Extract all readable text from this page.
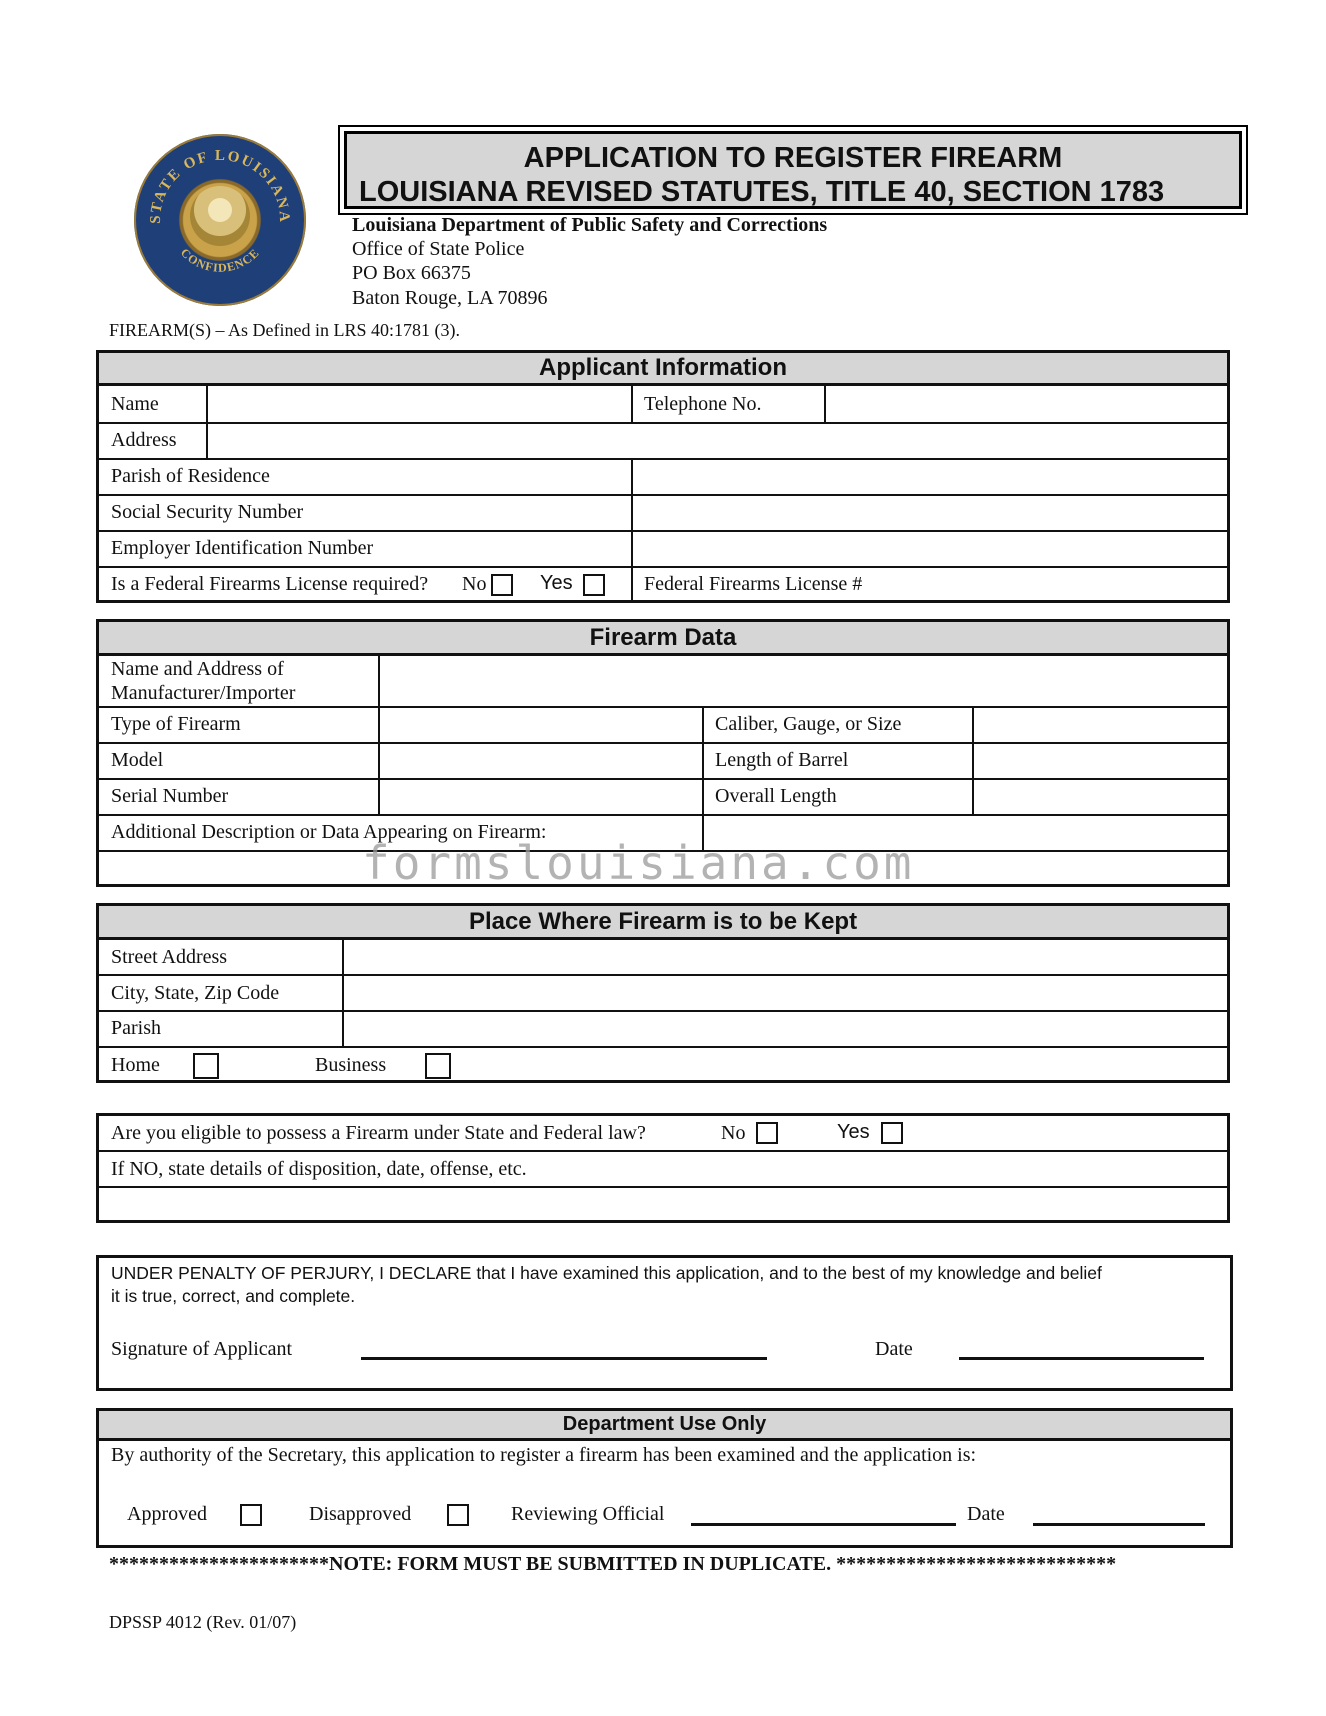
STATE OF LOUISIANA
CONFIDENCE
APPLICATION TO REGISTER FIREARM
LOUISIANA REVISED STATUTES, TITLE 40, SECTION 1783
Louisiana Department of Public Safety and Corrections
Office of State Police
PO Box 66375
Baton Rouge, LA 70896
FIREARM(S) – As Defined in LRS 40:1781 (3).
Applicant Information
Name	Telephone No.
Address
Parish of Residence
Social Security Number
Employer Identification Number
Is a Federal Firearms License required? No	Yes	Federal Firearms License #
Firearm Data
Name and Address of
Manufacturer/Importer
Type of Firearm	Caliber, Gauge, or Size
Model	Length of Barrel
Serial Number	Overall Length
Additional Description or Data Appearing on Firearm:
formslouisiana.com
Place Where Firearm is to be Kept
Street Address
City, State, Zip Code
Parish
Home	Business
Are you eligible to possess a Firearm under State and Federal law?	No	Yes
If NO, state details of disposition, date, offense, etc.
UNDER PENALTY OF PERJURY, I DECLARE that I have examined this application, and to the best of my knowledge and belief
it is true, correct, and complete.
Signature of Applicant	Date
Department Use Only
By authority of the Secretary, this application to register a firearm has been examined and the application is:
Approved	Disapproved	Reviewing Official	Date
**********************NOTE: FORM MUST BE SUBMITTED IN DUPLICATE. ****************************
DPSSP 4012 (Rev. 01/07)
